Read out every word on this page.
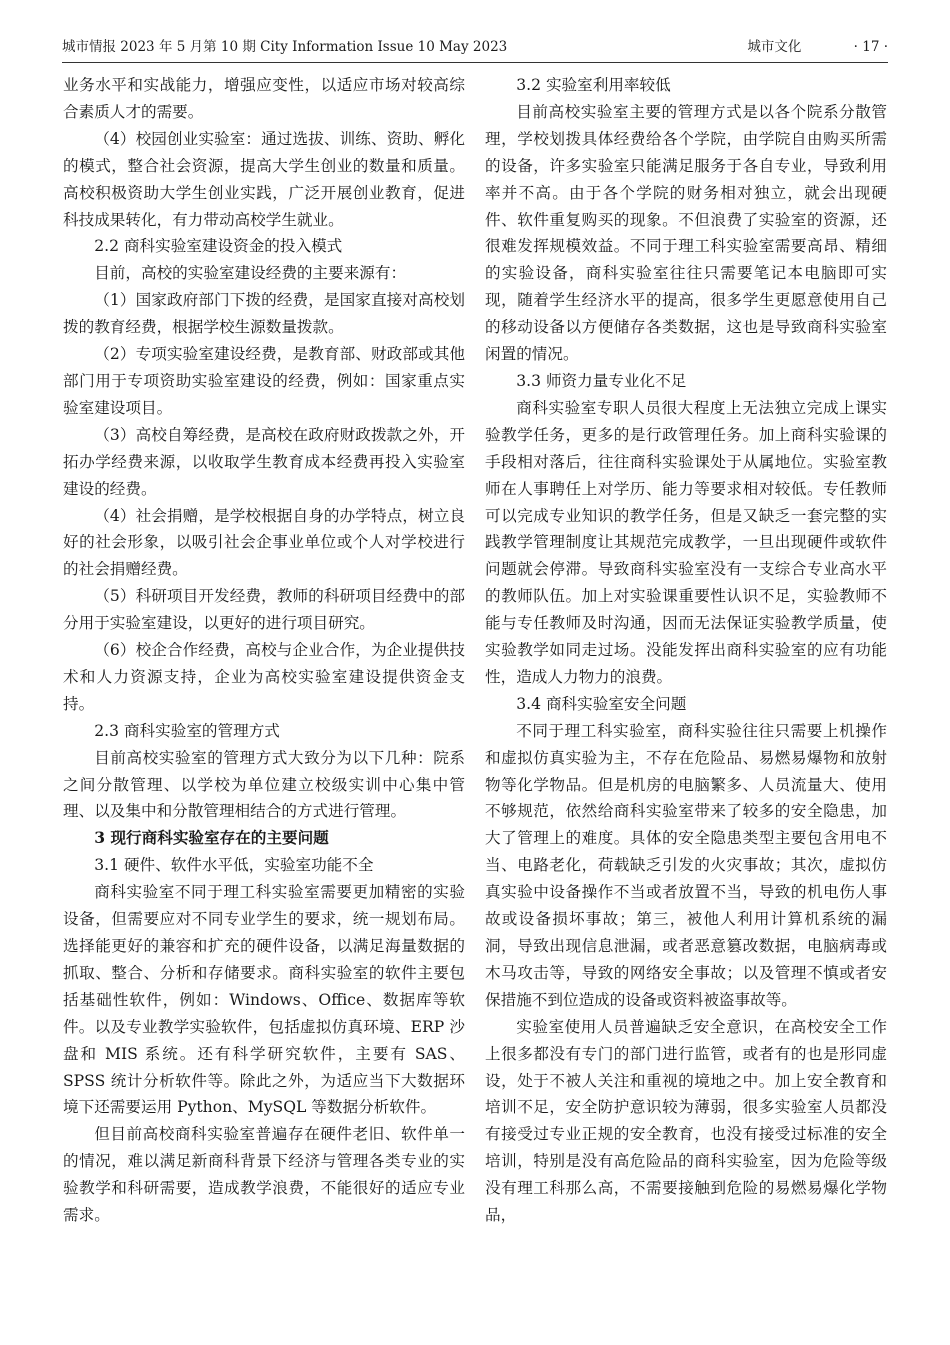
城市情报 2023 年 5 月第 10 期 City Information Issue 10 May 2023	城市文化	· 17 ·

业务水平和实战能力，增强应变性，以适应市场对较高综合素质人才的需要。

（4）校园创业实验室：通过选拔、训练、资助、孵化的模式，整合社会资源，提高大学生创业的数量和质量。高校积极资助大学生创业实践，广泛开展创业教育，促进科技成果转化，有力带动高校学生就业。

2.2 商科实验室建设资金的投入模式

目前，高校的实验室建设经费的主要来源有：

（1）国家政府部门下拨的经费，是国家直接对高校划拨的教育经费，根据学校生源数量拨款。

（2）专项实验室建设经费，是教育部、财政部或其他部门用于专项资助实验室建设的经费，例如：国家重点实验室建设项目。

（3）高校自筹经费，是高校在政府财政拨款之外，开拓办学经费来源，以收取学生教育成本经费再投入实验室建设的经费。

（4）社会捐赠，是学校根据自身的办学特点，树立良好的社会形象，以吸引社会企事业单位或个人对学校进行的社会捐赠经费。

（5）科研项目开发经费，教师的科研项目经费中的部分用于实验室建设，以更好的进行项目研究。

（6）校企合作经费，高校与企业合作，为企业提供技术和人力资源支持，企业为高校实验室建设提供资金支持。

2.3 商科实验室的管理方式

目前高校实验室的管理方式大致分为以下几种：院系之间分散管理、以学校为单位建立校级实训中心集中管理、以及集中和分散管理相结合的方式进行管理。

3 现行商科实验室存在的主要问题
3.1 硬件、软件水平低，实验室功能不全

商科实验室不同于理工科实验室需要更加精密的实验设备，但需要应对不同专业学生的要求，统一规划布局。选择能更好的兼容和扩充的硬件设备，以满足海量数据的抓取、整合、分析和存储要求。商科实验室的软件主要包括基础性软件，例如：Windows、Office、数据库等软件。以及专业教学实验软件，包括虚拟仿真环境、ERP 沙盘和 MIS 系统。还有科学研究软件，主要有 SAS、SPSS 统计分析软件等。除此之外，为适应当下大数据环境下还需要运用 Python、MySQL 等数据分析软件。

但目前高校商科实验室普遍存在硬件老旧、软件单一的情况，难以满足新商科背景下经济与管理各类专业的实验教学和科研需要，造成教学浪费，不能很好的适应专业需求。

3.2 实验室利用率较低

目前高校实验室主要的管理方式是以各个院系分散管理，学校划拨具体经费给各个学院，由学院自由购买所需的设备，许多实验室只能满足服务于各自专业，导致利用率并不高。由于各个学院的财务相对独立，就会出现硬件、软件重复购买的现象。不但浪费了实验室的资源，还很难发挥规模效益。不同于理工科实验室需要高昂、精细的实验设备，商科实验室往往只需要笔记本电脑即可实现，随着学生经济水平的提高，很多学生更愿意使用自己的移动设备以方便储存各类数据，这也是导致商科实验室闲置的情况。

3.3 师资力量专业化不足

商科实验室专职人员很大程度上无法独立完成上课实验教学任务，更多的是行政管理任务。加上商科实验课的手段相对落后，往往商科实验课处于从属地位。实验室教师在人事聘任上对学历、能力等要求相对较低。专任教师可以完成专业知识的教学任务，但是又缺乏一套完整的实践教学管理制度让其规范完成教学，一旦出现硬件或软件问题就会停滞。导致商科实验室没有一支综合专业高水平的教师队伍。加上对实验课重要性认识不足，实验教师不能与专任教师及时沟通，因而无法保证实验教学质量，使实验教学如同走过场。没能发挥出商科实验室的应有功能性，造成人力物力的浪费。

3.4 商科实验室安全问题

不同于理工科实验室，商科实验往往只需要上机操作和虚拟仿真实验为主，不存在危险品、易燃易爆物和放射物等化学物品。但是机房的电脑繁多、人员流量大、使用不够规范，依然给商科实验室带来了较多的安全隐患，加大了管理上的难度。具体的安全隐患类型主要包含用电不当、电路老化，荷载缺乏引发的火灾事故；其次，虚拟仿真实验中设备操作不当或者放置不当，导致的机电伤人事故或设备损坏事故；第三，被他人利用计算机系统的漏洞，导致出现信息泄漏，或者恶意篡改数据，电脑病毒或木马攻击等，导致的网络安全事故；以及管理不慎或者安保措施不到位造成的设备或资料被盗事故等。

实验室使用人员普遍缺乏安全意识，在高校安全工作上很多都没有专门的部门进行监管，或者有的也是形同虚设，处于不被人关注和重视的境地之中。加上安全教育和培训不足，安全防护意识较为薄弱，很多实验室人员都没有接受过专业正规的安全教育，也没有接受过标准的安全培训，特别是没有高危险品的商科实验室，因为危险等级没有理工科那么高，不需要接触到危险的易燃易爆化学物品，
